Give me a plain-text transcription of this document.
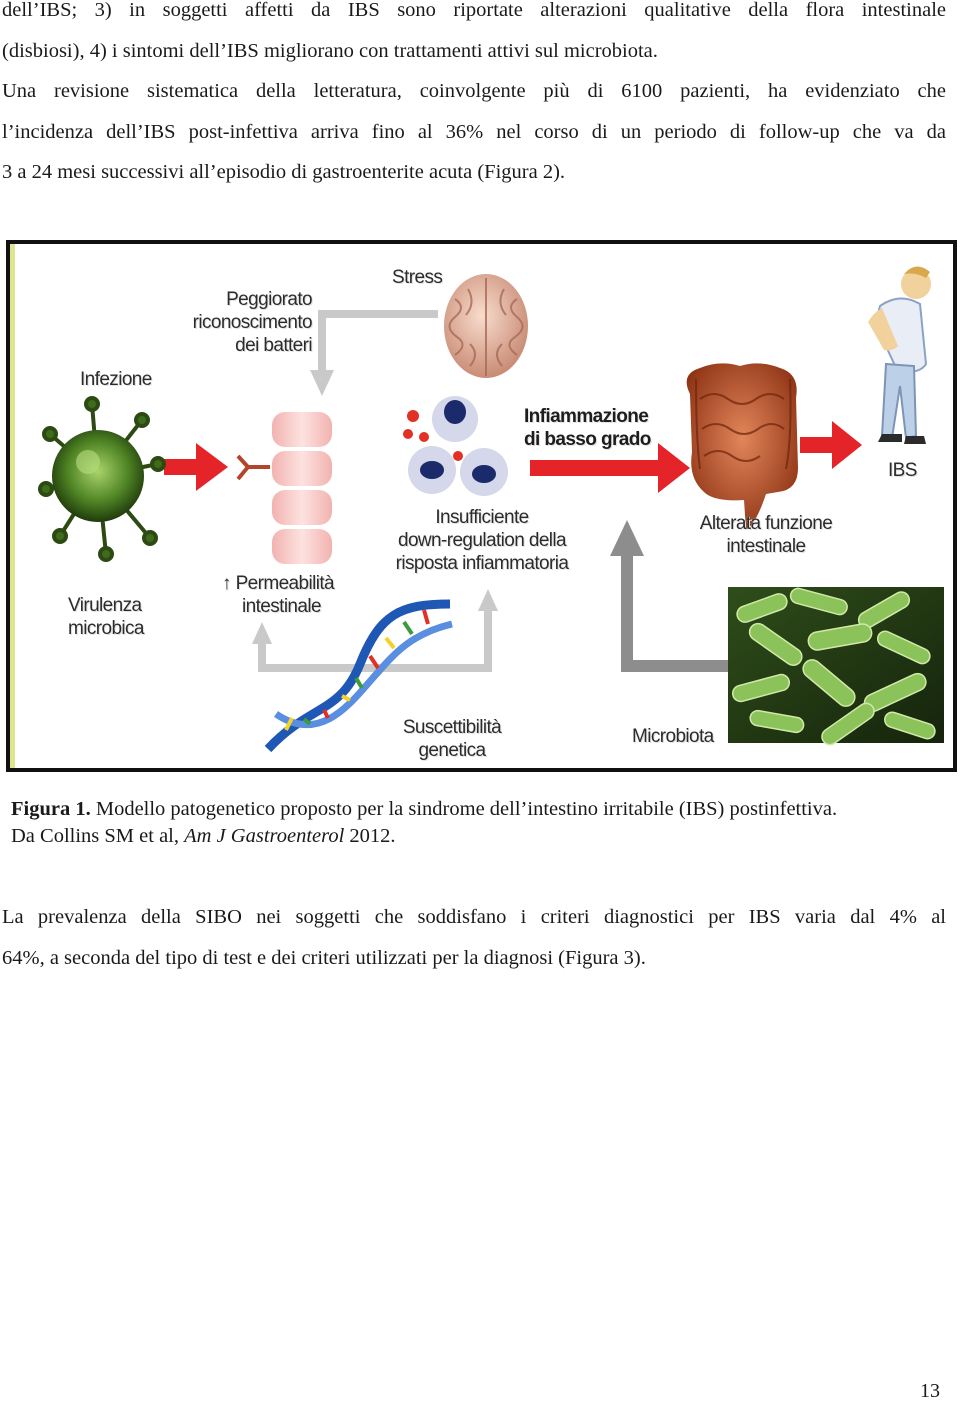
dell’IBS; 3) in soggetti affetti da IBS sono riportate alterazioni qualitative della flora intestinale
(disbiosi), 4) i sintomi dell’IBS migliorano con trattamenti attivi sul microbiota.
Una revisione sistematica della letteratura, coinvolgente più di 6100 pazienti, ha evidenziato che
l’incidenza dell’IBS post-infettiva arriva fino al 36% nel corso di un periodo di follow-up che va da
3 a 24 mesi successivi all’episodio di gastroenterite acuta (Figura 2).
Stress
Peggiorato
riconoscimento
dei batteri
Infezione
Infiammazione
di basso grado
IBS
Virulenza
microbica
↑ Permeabilità
intestinale
Insufficiente
down-regulation della
risposta infiammatoria
Alterata funzione
intestinale
Suscettibilità
genetica
Microbiota
Figura 1. Modello patogenetico proposto per la sindrome dell’intestino irritabile (IBS) postinfettiva.
Da Collins SM et al, Am J Gastroenterol 2012.
La prevalenza della SIBO nei soggetti che soddisfano i criteri diagnostici per IBS varia dal 4% al
64%, a seconda del tipo di test e dei criteri utilizzati per la diagnosi (Figura 3).
13
